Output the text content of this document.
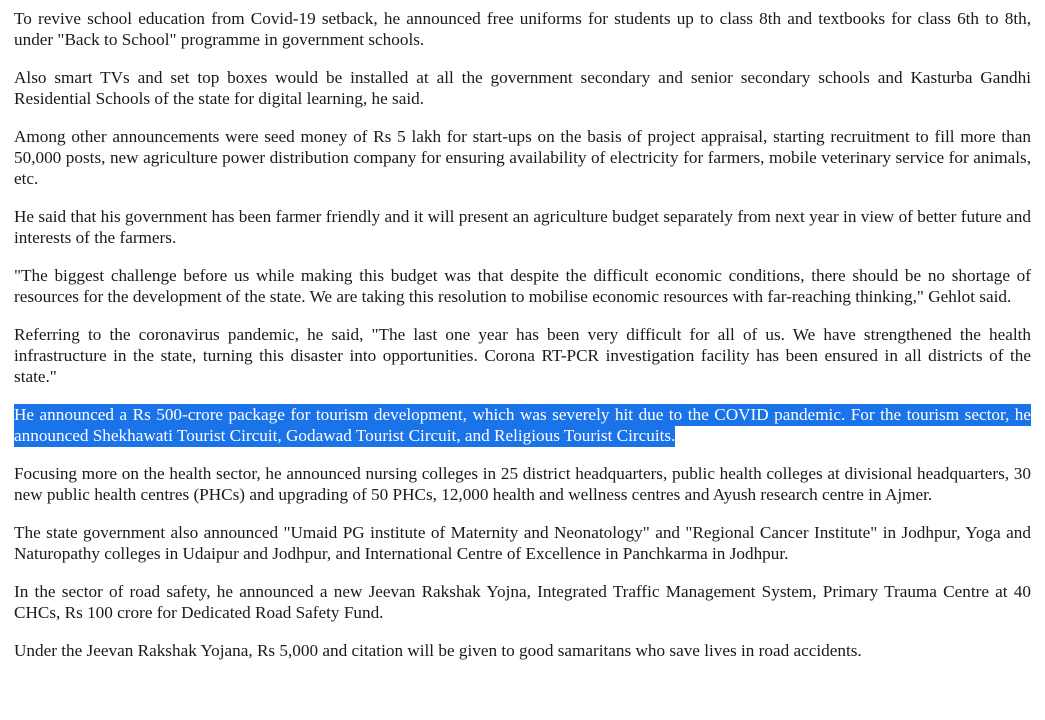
To revive school education from Covid-19 setback, he announced free uniforms for students up to class 8th and textbooks for class 6th to 8th, under "Back to School" programme in government schools.

Also smart TVs and set top boxes would be installed at all the government secondary and senior secondary schools and Kasturba Gandhi Residential Schools of the state for digital learning, he said.

Among other announcements were seed money of Rs 5 lakh for start-ups on the basis of project appraisal, starting recruitment to fill more than 50,000 posts, new agriculture power distribution company for ensuring availability of electricity for farmers, mobile veterinary service for animals, etc.

He said that his government has been farmer friendly and it will present an agriculture budget separately from next year in view of better future and interests of the farmers.

"The biggest challenge before us while making this budget was that despite the difficult economic conditions, there should be no shortage of resources for the development of the state. We are taking this resolution to mobilise economic resources with far-reaching thinking," Gehlot said.

Referring to the coronavirus pandemic, he said, "The last one year has been very difficult for all of us. We have strengthened the health infrastructure in the state, turning this disaster into opportunities. Corona RT-PCR investigation facility has been ensured in all districts of the state."

He announced a Rs 500-crore package for tourism development, which was severely hit due to the COVID pandemic. For the tourism sector, he announced Shekhawati Tourist Circuit, Godawad Tourist Circuit, and Religious Tourist Circuits.

Focusing more on the health sector, he announced nursing colleges in 25 district headquarters, public health colleges at divisional headquarters, 30 new public health centres (PHCs) and upgrading of 50 PHCs, 12,000 health and wellness centres and Ayush research centre in Ajmer.

The state government also announced "Umaid PG institute of Maternity and Neonatology" and "Regional Cancer Institute" in Jodhpur, Yoga and Naturopathy colleges in Udaipur and Jodhpur, and International Centre of Excellence in Panchkarma in Jodhpur.

In the sector of road safety, he announced a new Jeevan Rakshak Yojna, Integrated Traffic Management System, Primary Trauma Centre at 40 CHCs, Rs 100 crore for Dedicated Road Safety Fund.

Under the Jeevan Rakshak Yojana, Rs 5,000 and citation will be given to good samaritans who save lives in road accidents.
